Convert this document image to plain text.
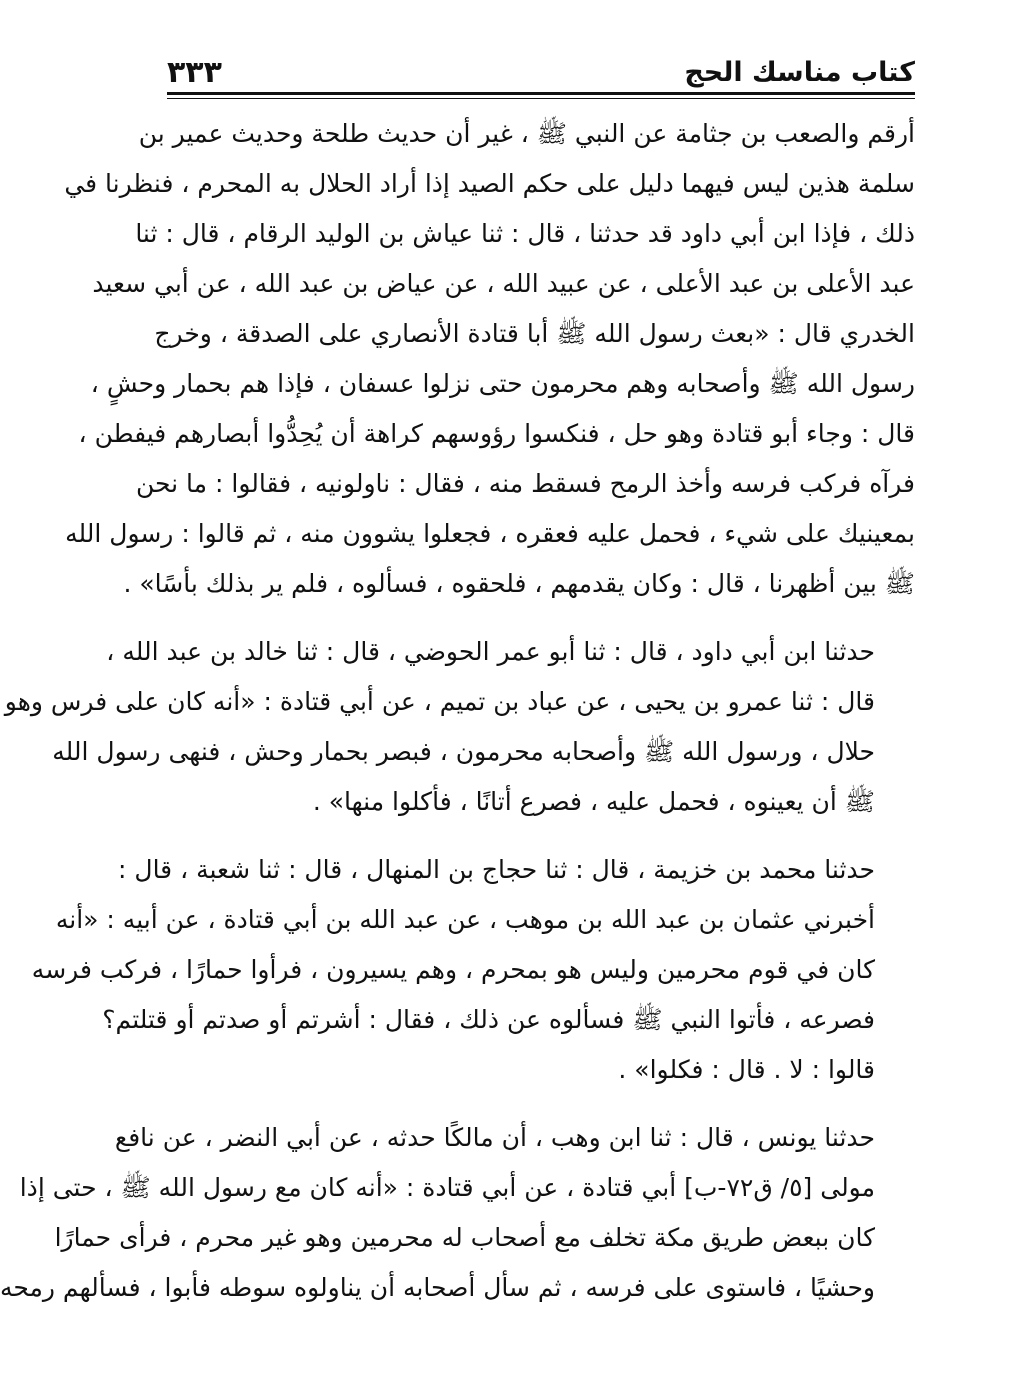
كتاب مناسك الحج
٣٣٣

أرقم والصعب بن جثامة عن النبي ﷺ ، غير أن حديث طلحة وحديث عمير بن
سلمة هذين ليس فيهما دليل على حكم الصيد إذا أراد الحلال به المحرم ، فنظرنا في
ذلك ، فإذا ابن أبي داود قد حدثنا ، قال : ثنا عياش بن الوليد الرقام ، قال : ثنا
عبد الأعلى بن عبد الأعلى ، عن عبيد الله ، عن عياض بن عبد الله ، عن أبي سعيد
الخدري قال : «بعث رسول الله ﷺ أبا قتادة الأنصاري على الصدقة ، وخرج
رسول الله ﷺ وأصحابه وهم محرمون حتى نزلوا عسفان ، فإذا هم بحمار وحشٍ ،
قال : وجاء أبو قتادة وهو حل ، فنكسوا رؤوسهم كراهة أن يُحِدُّوا أبصارهم فيفطن ،
فرآه فركب فرسه وأخذ الرمح فسقط منه ، فقال : ناولونيه ، فقالوا : ما نحن
بمعينيك على شيء ، فحمل عليه فعقره ، فجعلوا يشوون منه ، ثم قالوا : رسول الله
ﷺ بين أظهرنا ، قال : وكان يقدمهم ، فلحقوه ، فسألوه ، فلم ير بذلك بأسًا» .

حدثنا ابن أبي داود ، قال : ثنا أبو عمر الحوضي ، قال : ثنا خالد بن عبد الله ،
قال : ثنا عمرو بن يحيى ، عن عباد بن تميم ، عن أبي قتادة : «أنه كان على فرس وهو
حلال ، ورسول الله ﷺ وأصحابه محرمون ، فبصر بحمار وحش ، فنهى رسول الله
ﷺ أن يعينوه ، فحمل عليه ، فصرع أتانًا ، فأكلوا منها» .

حدثنا محمد بن خزيمة ، قال : ثنا حجاج بن المنهال ، قال : ثنا شعبة ، قال :
أخبرني عثمان بن عبد الله بن موهب ، عن عبد الله بن أبي قتادة ، عن أبيه : «أنه
كان في قوم محرمين وليس هو بمحرم ، وهم يسيرون ، فرأوا حمارًا ، فركب فرسه
فصرعه ، فأتوا النبي ﷺ فسألوه عن ذلك ، فقال : أشرتم أو صدتم أو قتلتم؟
قالوا : لا . قال : فكلوا» .

حدثنا يونس ، قال : ثنا ابن وهب ، أن مالكًا حدثه ، عن أبي النضر ، عن نافع
مولى [٥/ ق٧٢-ب] أبي قتادة ، عن أبي قتادة : «أنه كان مع رسول الله ﷺ ، حتى إذا
كان ببعض طريق مكة تخلف مع أصحاب له محرمين وهو غير محرم ، فرأى حمارًا
وحشيًا ، فاستوى على فرسه ، ثم سأل أصحابه أن يناولوه سوطه فأبوا ، فسألهم رمحه
